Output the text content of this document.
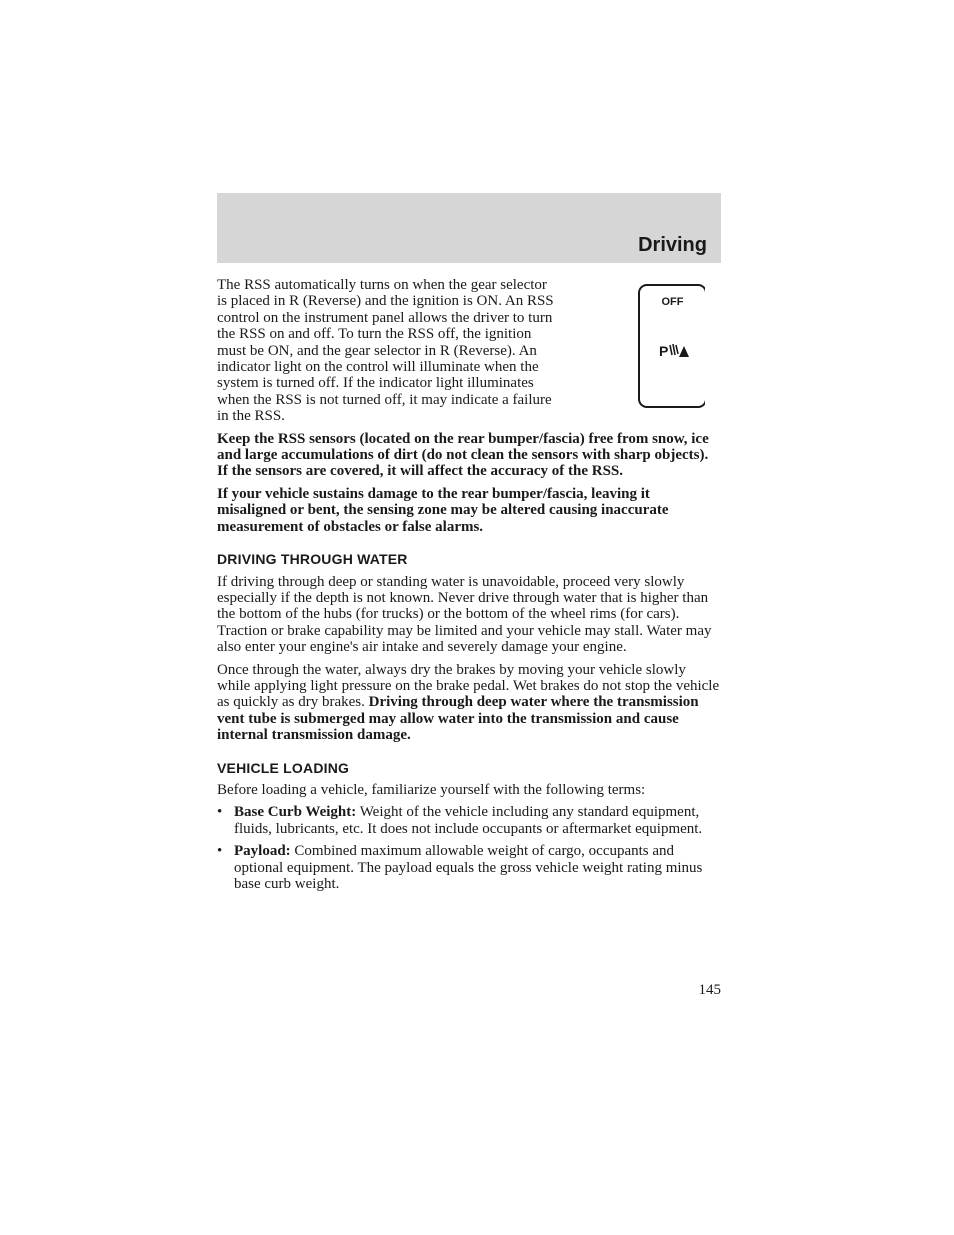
Driving
OFF
P

The RSS automatically turns on when the gear selector is placed in R (Reverse) and the ignition is ON. An RSS control on the instrument panel allows the driver to turn the RSS on and off. To turn the RSS off, the ignition must be ON, and the gear selector in R (Reverse). An indicator light on the control will illuminate when the system is turned off. If the indicator light illuminates when the RSS is not turned off, it may indicate a failure in the RSS.

Keep the RSS sensors (located on the rear bumper/fascia) free from snow, ice and large accumulations of dirt (do not clean the sensors with sharp objects). If the sensors are covered, it will affect the accuracy of the RSS.

If your vehicle sustains damage to the rear bumper/fascia, leaving it misaligned or bent, the sensing zone may be altered causing inaccurate measurement of obstacles or false alarms.

DRIVING THROUGH WATER

If driving through deep or standing water is unavoidable, proceed very slowly especially if the depth is not known. Never drive through water that is higher than the bottom of the hubs (for trucks) or the bottom of the wheel rims (for cars). Traction or brake capability may be limited and your vehicle may stall. Water may also enter your engine's air intake and severely damage your engine.

Once through the water, always dry the brakes by moving your vehicle slowly while applying light pressure on the brake pedal. Wet brakes do not stop the vehicle as quickly as dry brakes. Driving through deep water where the transmission vent tube is submerged may allow water into the transmission and cause internal transmission damage.

VEHICLE LOADING

Before loading a vehicle, familiarize yourself with the following terms:

• Base Curb Weight: Weight of the vehicle including any standard equipment, fluids, lubricants, etc. It does not include occupants or aftermarket equipment.
• Payload: Combined maximum allowable weight of cargo, occupants and optional equipment. The payload equals the gross vehicle weight rating minus base curb weight.
145
